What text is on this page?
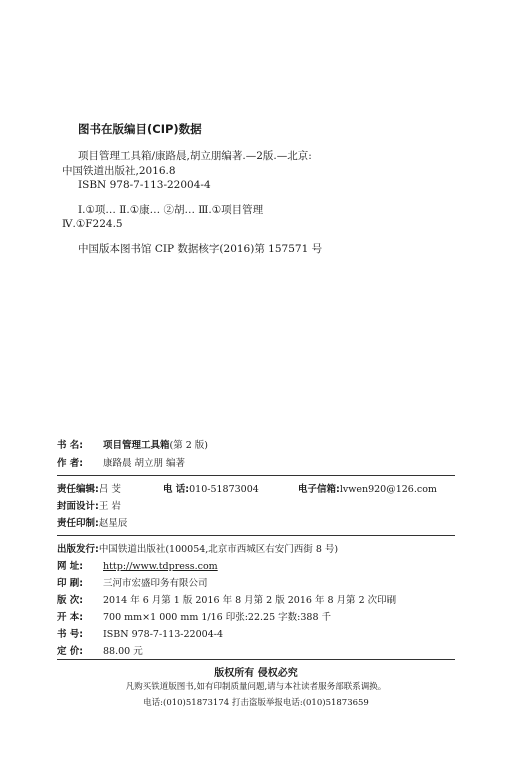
图书在版编目(CIP)数据
项目管理工具箱/康路晨,胡立朋编著.—2版.—北京:
中国铁道出版社,2016.8
ISBN 978-7-113-22004-4
Ⅰ.①项… Ⅱ.①康… ②胡… Ⅲ.①项目管理
Ⅳ.①F224.5
中国版本图书馆 CIP 数据核字(2016)第 157571 号
书 名: 项目管理工具箱(第 2 版)
作 者: 康路晨 胡立朋 编著
责任编辑:吕 芠	电 话:010-51873004	电子信箱:lvwen920@126.com
封面设计:王 岩
责任印制:赵星辰
出版发行:中国铁道出版社(100054,北京市西城区右安门西街 8 号)
网 址: http://www.tdpress.com
印 刷: 三河市宏盛印务有限公司
版 次: 2014 年 6 月第 1 版 2016 年 8 月第 2 版 2016 年 8 月第 2 次印刷
开 本: 700 mm×1 000 mm 1/16 印张:22.25 字数:388 千
书 号: ISBN 978-7-113-22004-4
定 价: 88.00 元
版权所有 侵权必究
凡购买铁道版图书,如有印制质量问题,请与本社读者服务部联系调换。
电话:(010)51873174 打击盗版举报电话:(010)51873659
